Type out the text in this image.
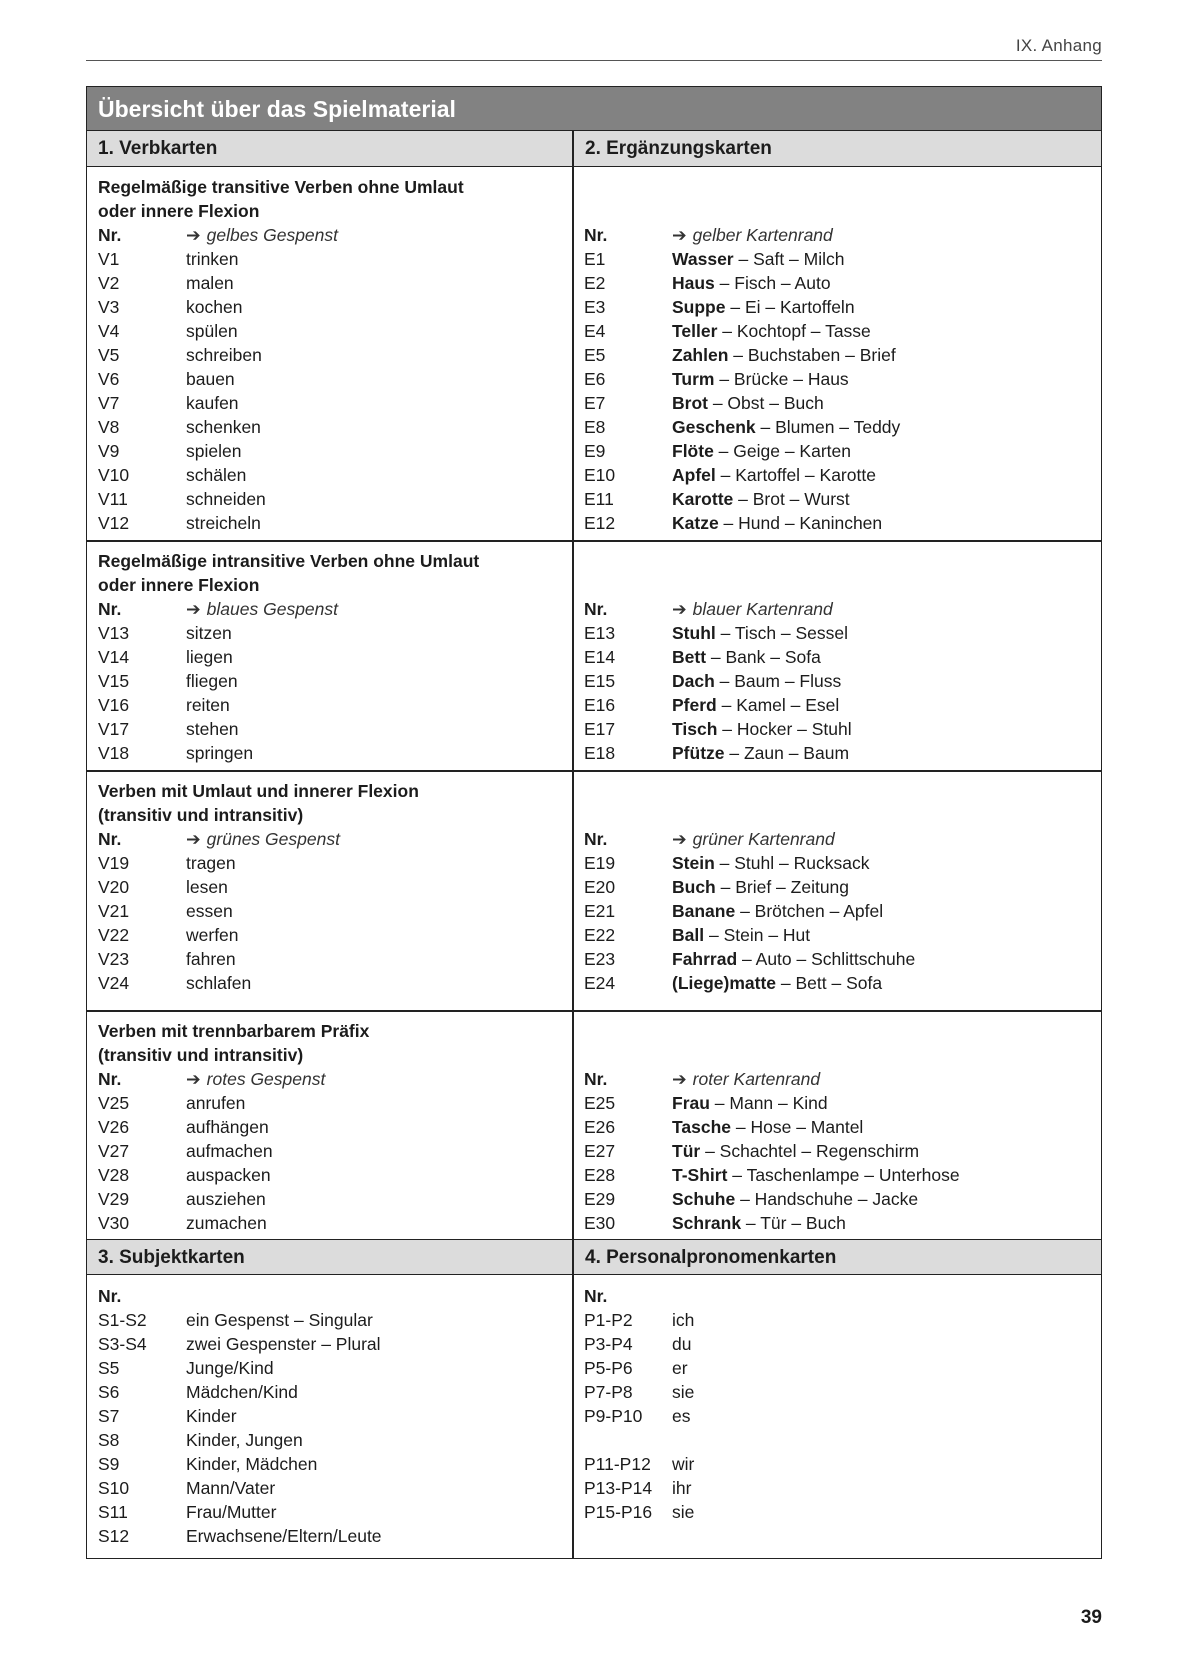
IX. Anhang
Übersicht über das Spielmaterial
1. Verbkarten	2. Ergänzungskarten
Regelmäßige transitive Verben ohne Umlaut
oder innere Flexion
Nr.	➔ gelbes Gespenst
V1	trinken
V2	malen
V3	kochen
V4	spülen
V5	schreiben
V6	bauen
V7	kaufen
V8	schenken
V9	spielen
V10	schälen
V11	schneiden
V12	streicheln
Nr.	➔ gelber Kartenrand
E1	Wasser – Saft – Milch
E2	Haus – Fisch – Auto
E3	Suppe – Ei – Kartoffeln
E4	Teller – Kochtopf – Tasse
E5	Zahlen – Buchstaben – Brief
E6	Turm – Brücke – Haus
E7	Brot – Obst – Buch
E8	Geschenk – Blumen – Teddy
E9	Flöte – Geige – Karten
E10	Apfel – Kartoffel – Karotte
E11	Karotte – Brot – Wurst
E12	Katze – Hund – Kaninchen
Regelmäßige intransitive Verben ohne Umlaut
oder innere Flexion
Nr.	➔ blaues Gespenst
V13	sitzen
V14	liegen
V15	fliegen
V16	reiten
V17	stehen
V18	springen
Nr.	➔ blauer Kartenrand
E13	Stuhl – Tisch – Sessel
E14	Bett – Bank – Sofa
E15	Dach – Baum – Fluss
E16	Pferd – Kamel – Esel
E17	Tisch – Hocker – Stuhl
E18	Pfütze – Zaun – Baum
Verben mit Umlaut und innerer Flexion
(transitiv und intransitiv)
Nr.	➔ grünes Gespenst
V19	tragen
V20	lesen
V21	essen
V22	werfen
V23	fahren
V24	schlafen
Nr.	➔ grüner Kartenrand
E19	Stein – Stuhl – Rucksack
E20	Buch – Brief – Zeitung
E21	Banane – Brötchen – Apfel
E22	Ball – Stein – Hut
E23	Fahrrad – Auto – Schlittschuhe
E24	(Liege)matte – Bett – Sofa
Verben mit trennbarbarem Präfix
(transitiv und intransitiv)
Nr.	➔ rotes Gespenst
V25	anrufen
V26	aufhängen
V27	aufmachen
V28	auspacken
V29	ausziehen
V30	zumachen
Nr.	➔ roter Kartenrand
E25	Frau – Mann – Kind
E26	Tasche – Hose – Mantel
E27	Tür – Schachtel – Regenschirm
E28	T-Shirt – Taschenlampe – Unterhose
E29	Schuhe – Handschuhe – Jacke
E30	Schrank – Tür – Buch
3. Subjektkarten	4. Personalpronomenkarten
Nr.
S1-S2	ein Gespenst – Singular
S3-S4	zwei Gespenster – Plural
S5	Junge/Kind
S6	Mädchen/Kind
S7	Kinder
S8	Kinder, Jungen
S9	Kinder, Mädchen
S10	Mann/Vater
S11	Frau/Mutter
S12	Erwachsene/Eltern/Leute
Nr.
P1-P2	ich
P3-P4	du
P5-P6	er
P7-P8	sie
P9-P10	es
P11-P12	wir
P13-P14	ihr
P15-P16	sie
39
